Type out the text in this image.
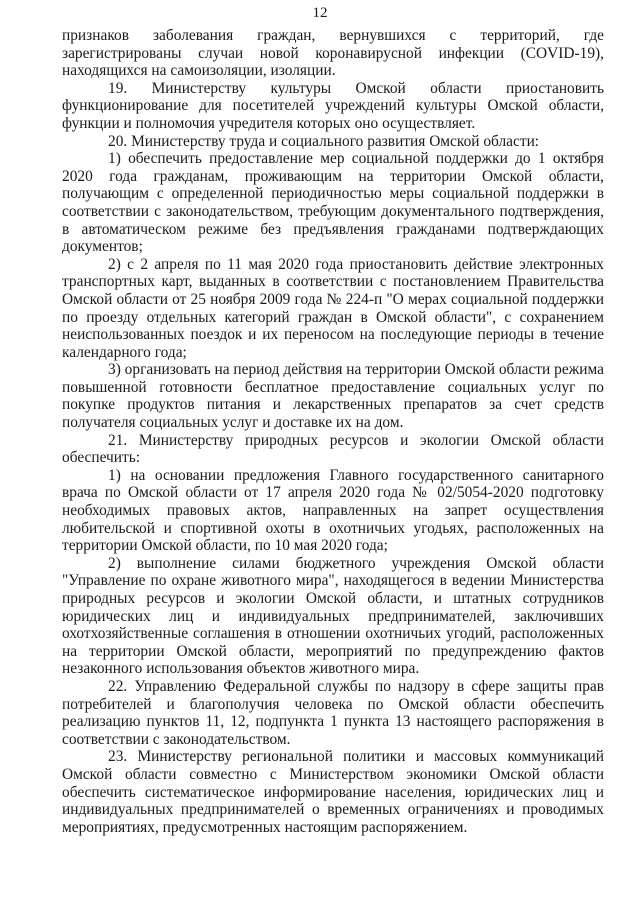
12

признаков заболевания граждан, вернувшихся с территорий, где зарегистрированы случаи новой коронавирусной инфекции (COVID-19), находящихся на самоизоляции, изоляции.

19. Министерству культуры Омской области приостановить функционирование для посетителей учреждений культуры Омской области, функции и полномочия учредителя которых оно осуществляет.

20. Министерству труда и социального развития Омской области:

1) обеспечить предоставление мер социальной поддержки до 1 октября 2020 года гражданам, проживающим на территории Омской области, получающим с определенной периодичностью меры социальной поддержки в соответствии с законодательством, требующим документального подтверждения, в автоматическом режиме без предъявления гражданами подтверждающих документов;

2) с 2 апреля по 11 мая 2020 года приостановить действие электронных транспортных карт, выданных в соответствии с постановлением Правительства Омской области от 25 ноября 2009 года № 224-п "О мерах социальной поддержки по проезду отдельных категорий граждан в Омской области", с сохранением неиспользованных поездок и их переносом на последующие периоды в течение календарного года;

3) организовать на период действия на территории Омской области режима повышенной готовности бесплатное предоставление социальных услуг по покупке продуктов питания и лекарственных препаратов за счет средств получателя социальных услуг и доставке их на дом.

21. Министерству природных ресурсов и экологии Омской области обеспечить:

1) на основании предложения Главного государственного санитарного врача по Омской области от 17 апреля 2020 года № 02/5054-2020 подготовку необходимых правовых актов, направленных на запрет осуществления любительской и спортивной охоты в охотничьих угодьях, расположенных на территории Омской области, по 10 мая 2020 года;

2) выполнение силами бюджетного учреждения Омской области "Управление по охране животного мира", находящегося в ведении Министерства природных ресурсов и экологии Омской области, и штатных сотрудников юридических лиц и индивидуальных предпринимателей, заключивших охотхозяйственные соглашения в отношении охотничьих угодий, расположенных на территории Омской области, мероприятий по предупреждению фактов незаконного использования объектов животного мира.

22. Управлению Федеральной службы по надзору в сфере защиты прав потребителей и благополучия человека по Омской области обеспечить реализацию пунктов 11, 12, подпункта 1 пункта 13 настоящего распоряжения в соответствии с законодательством.

23. Министерству региональной политики и массовых коммуникаций Омской области совместно с Министерством экономики Омской области обеспечить систематическое информирование населения, юридических лиц и индивидуальных предпринимателей о временных ограничениях и проводимых мероприятиях, предусмотренных настоящим распоряжением.
